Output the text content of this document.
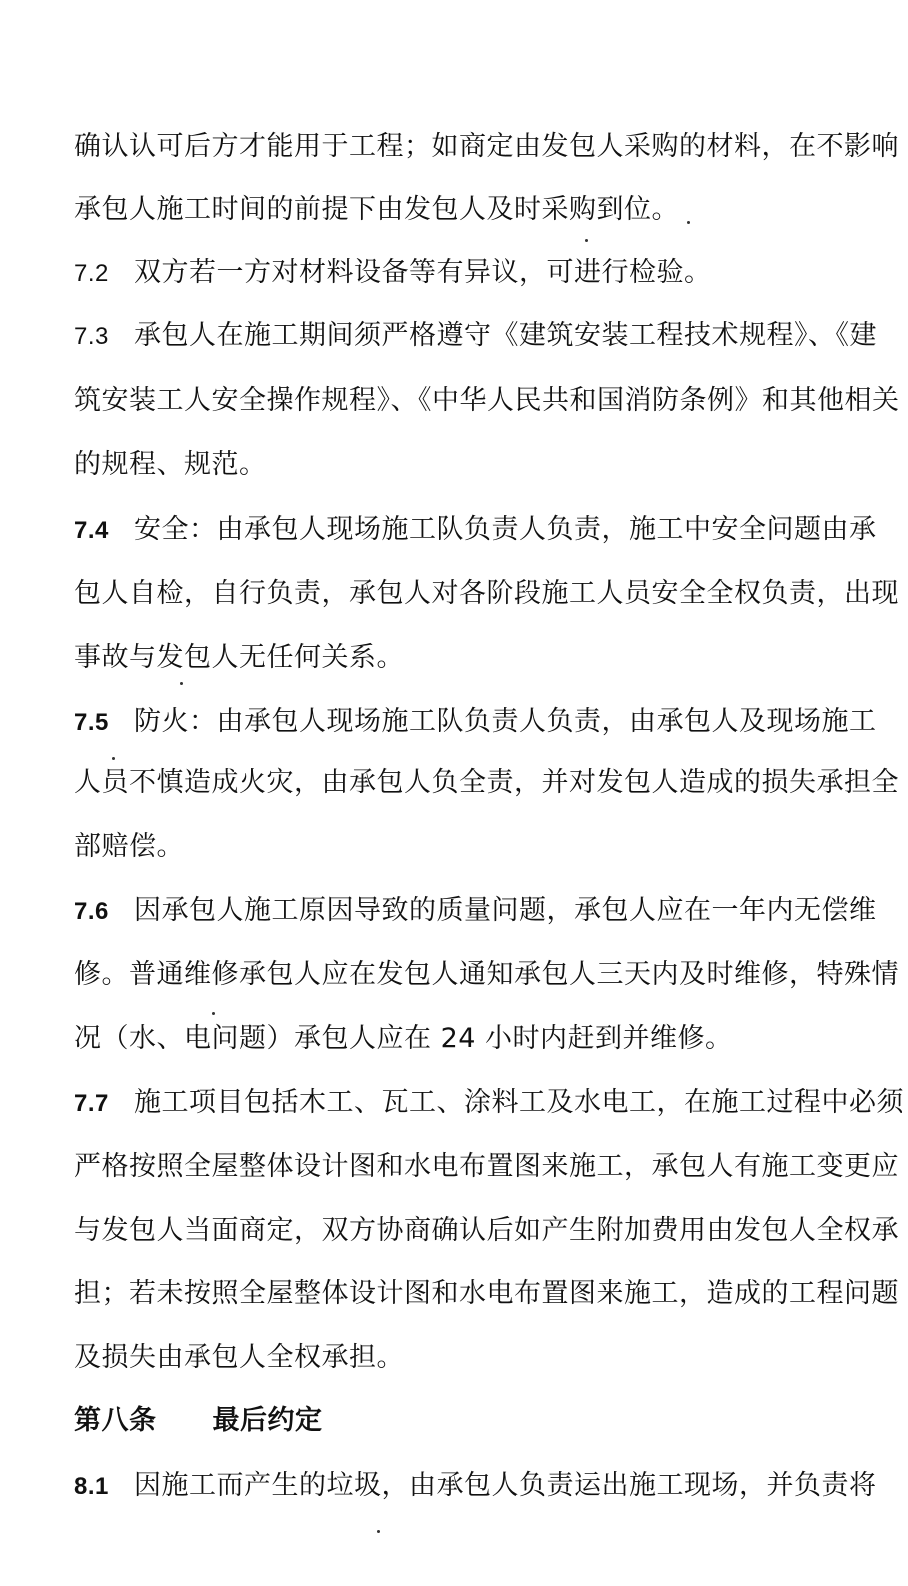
确认认可后方才能用于工程；如商定由发包人采购的材料，在不影响
承包人施工时间的前提下由发包人及时采购到位。
7.2 双方若一方对材料设备等有异议，可进行检验。
7.3 承包人在施工期间须严格遵守《建筑安装工程技术规程》、《建
筑安装工人安全操作规程》、《中华人民共和国消防条例》和其他相关
的规程、规范。
7.4 安全：由承包人现场施工队负责人负责，施工中安全问题由承
包人自检，自行负责，承包人对各阶段施工人员安全全权负责，出现
事故与发包人无任何关系。
7.5 防火：由承包人现场施工队负责人负责，由承包人及现场施工
人员不慎造成火灾，由承包人负全责，并对发包人造成的损失承担全
部赔偿。
7.6 因承包人施工原因导致的质量问题，承包人应在一年内无偿维
修。普通维修承包人应在发包人通知承包人三天内及时维修，特殊情
况（水、电问题）承包人应在 24 小时内赶到并维修。
7.7 施工项目包括木工、瓦工、涂料工及水电工，在施工过程中必须
严格按照全屋整体设计图和水电布置图来施工，承包人有施工变更应
与发包人当面商定，双方协商确认后如产生附加费用由发包人全权承
担；若未按照全屋整体设计图和水电布置图来施工，造成的工程问题
及损失由承包人全权承担。
第八条 最后约定
8.1 因施工而产生的垃圾，由承包人负责运出施工现场，并负责将
